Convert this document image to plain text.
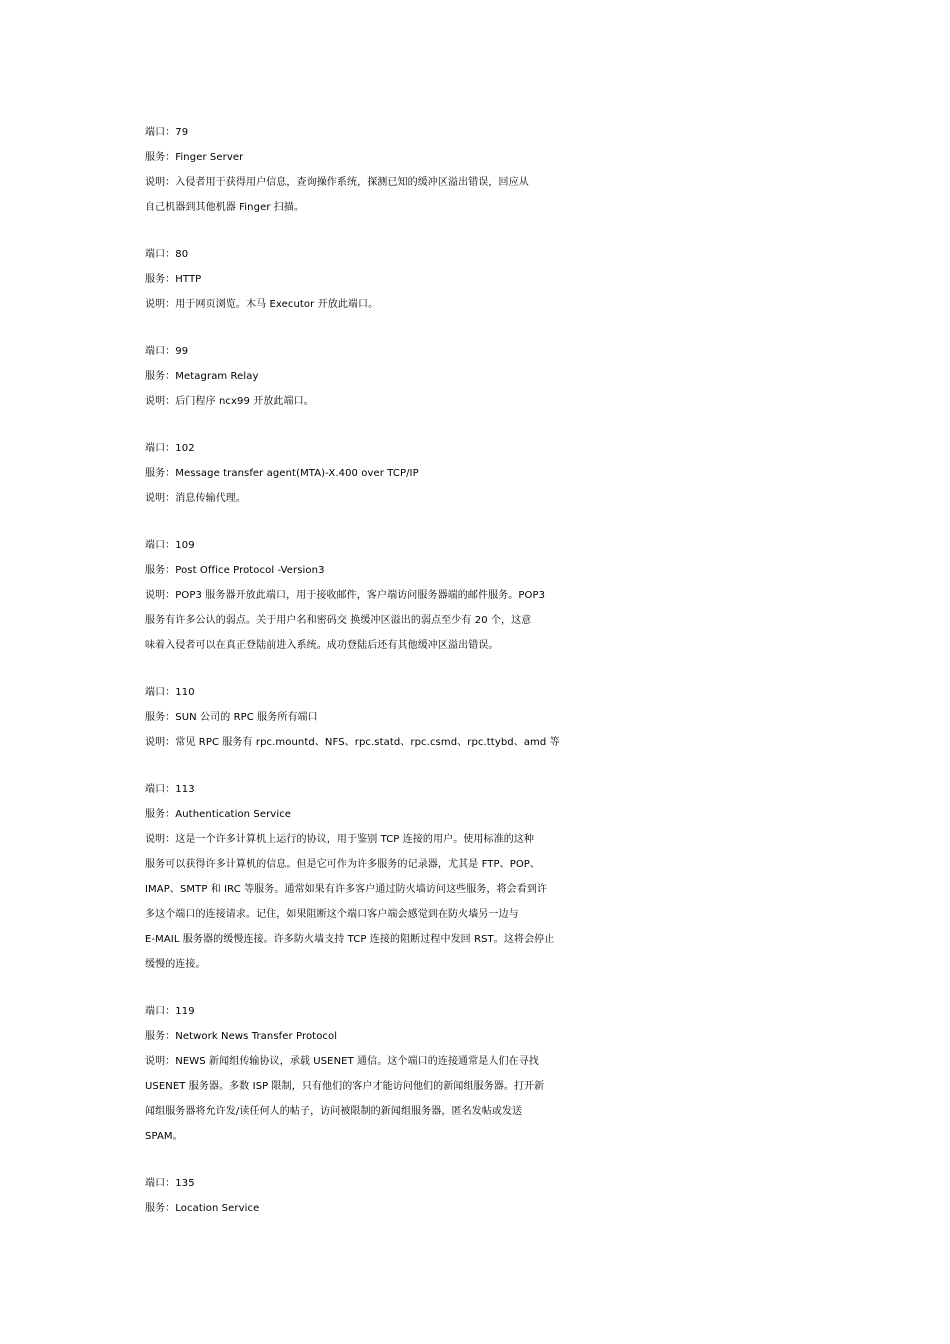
端口：79
服务：Finger Server
说明：入侵者用于获得用户信息，查询操作系统，探测已知的缓冲区溢出错误，回应从
自己机器到其他机器 Finger 扫描。
端口：80
服务：HTTP
说明：用于网页浏览。木马 Executor 开放此端口。
端口：99
服务：Metagram Relay
说明：后门程序 ncx99 开放此端口。
端口：102
服务：Message transfer agent(MTA)-X.400 over TCP/IP
说明：消息传输代理。
端口：109
服务：Post Office Protocol -Version3
说明：POP3 服务器开放此端口，用于接收邮件，客户端访问服务器端的邮件服务。POP3
服务有许多公认的弱点。关于用户名和密码交 换缓冲区溢出的弱点至少有 20 个，这意
味着入侵者可以在真正登陆前进入系统。成功登陆后还有其他缓冲区溢出错误。
端口：110
服务：SUN 公司的 RPC 服务所有端口
说明：常见 RPC 服务有 rpc.mountd、NFS、rpc.statd、rpc.csmd、rpc.ttybd、amd 等
端口：113
服务：Authentication Service
说明：这是一个许多计算机上运行的协议，用于鉴别 TCP 连接的用户。使用标准的这种
服务可以获得许多计算机的信息。但是它可作为许多服务的记录器，尤其是 FTP、POP、
IMAP、SMTP 和 IRC 等服务。通常如果有许多客户通过防火墙访问这些服务，将会看到许
多这个端口的连接请求。记住，如果阻断这个端口客户端会感觉到在防火墙另一边与
E-MAIL 服务器的缓慢连接。许多防火墙支持 TCP 连接的阻断过程中发回 RST。这将会停止
缓慢的连接。
端口：119
服务：Network News Transfer Protocol
说明：NEWS 新闻组传输协议，承载 USENET 通信。这个端口的连接通常是人们在寻找
USENET 服务器。多数 ISP 限制，只有他们的客户才能访问他们的新闻组服务器。打开新
闻组服务器将允许发/读任何人的帖子，访问被限制的新闻组服务器，匿名发帖或发送
SPAM。
端口：135
服务：Location Service
